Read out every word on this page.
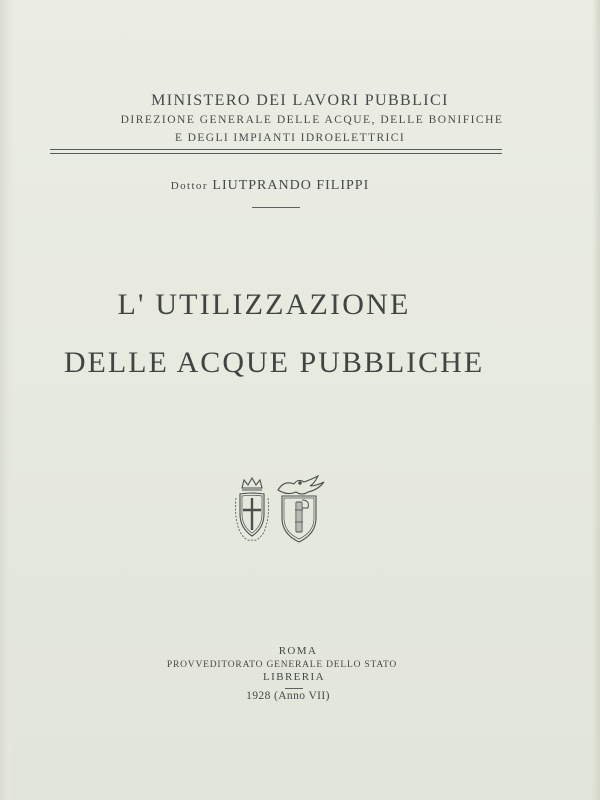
MINISTERO DEI LAVORI PUBBLICI
DIREZIONE GENERALE DELLE ACQUE, DELLE BONIFICHE
E DEGLI IMPIANTI IDROELETTRICI
Dottor LIUTPRANDO FILIPPI
L' UTILIZZAZIONE
DELLE ACQUE PUBBLICHE
ROMA
PROVVEDITORATO GENERALE DELLO STATO
LIBRERIA
1928 (Anno VII)
